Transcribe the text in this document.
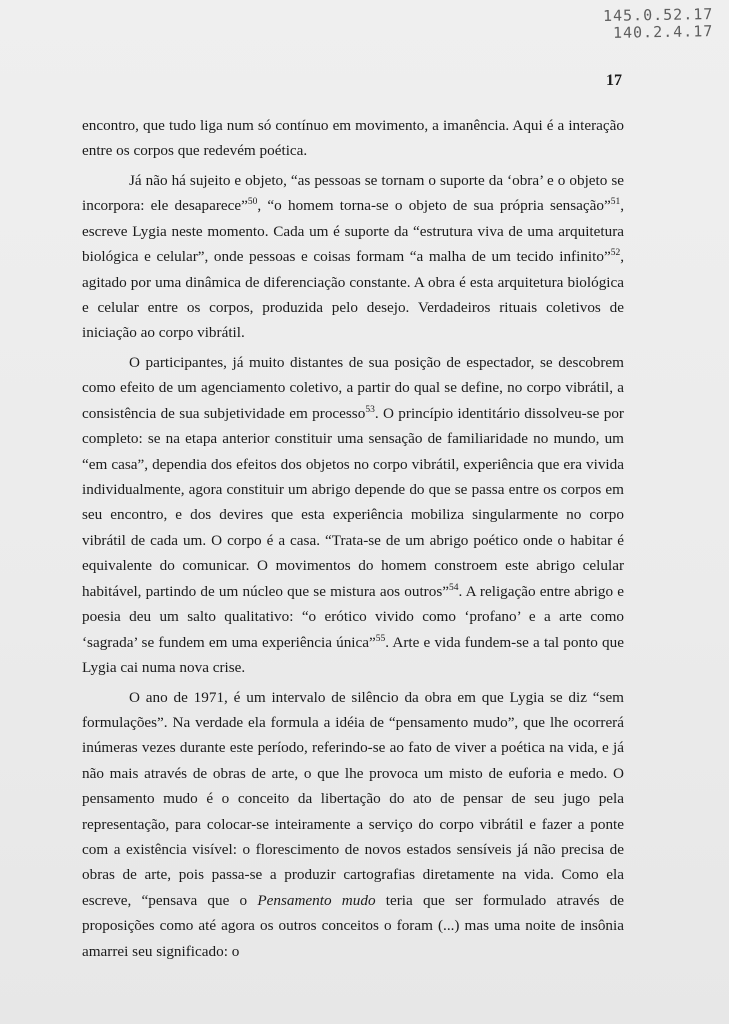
145.0.52.17
140.2.4.17
17

encontro, que tudo liga num só contínuo em movimento, a imanência. Aqui é a interação entre os corpos que redevém poética.

Já não há sujeito e objeto, “as pessoas se tornam o suporte da ‘obra’ e o objeto se incorpora: ele desaparece”$^{50}$, “o homem torna-se o objeto de sua própria sensação”$^{51}$, escreve Lygia neste momento. Cada um é suporte da “estrutura viva de uma arquitetura biológica e celular”, onde pessoas e coisas formam “a malha de um tecido infinito”$^{52}$, agitado por uma dinâmica de diferenciação constante. A obra é esta arquitetura biológica e celular entre os corpos, produzida pelo desejo. Verdadeiros rituais coletivos de iniciação ao corpo vibrátil.

O participantes, já muito distantes de sua posição de espectador, se descobrem como efeito de um agenciamento coletivo, a partir do qual se define, no corpo vibrátil, a consistência de sua subjetividade em processo$^{53}$. O princípio identitário dissolveu-se por completo: se na etapa anterior constituir uma sensação de familiaridade no mundo, um “em casa”, dependia dos efeitos dos objetos no corpo vibrátil, experiência que era vivida individualmente, agora constituir um abrigo depende do que se passa entre os corpos em seu encontro, e dos devires que esta experiência mobiliza singularmente no corpo vibrátil de cada um. O corpo é a casa. “Trata-se de um abrigo poético onde o habitar é equivalente do comunicar. O movimentos do homem constroem este abrigo celular habitável, partindo de um núcleo que se mistura aos outros”$^{54}$. A religação entre abrigo e poesia deu um salto qualitativo: “o erótico vivido como ‘profano’ e a arte como ‘sagrada’ se fundem em uma experiência única”$^{55}$. Arte e vida fundem-se a tal ponto que Lygia cai numa nova crise.

O ano de 1971, é um intervalo de silêncio da obra em que Lygia se diz “sem formulações”. Na verdade ela formula a idéia de “pensamento mudo”, que lhe ocorrerá inúmeras vezes durante este período, referindo-se ao fato de viver a poética na vida, e já não mais através de obras de arte, o que lhe provoca um misto de euforia e medo. O pensamento mudo é o conceito da libertação do ato de pensar de seu jugo pela representação, para colocar-se inteiramente a serviço do corpo vibrátil e fazer a ponte com a existência visível: o florescimento de novos estados sensíveis já não precisa de obras de arte, pois passa-se a produzir cartografias diretamente na vida. Como ela escreve, “pensava que o Pensamento mudo teria que ser formulado através de proposições como até agora os outros conceitos o foram (...) mas uma noite de insônia amarrei seu significado: o
